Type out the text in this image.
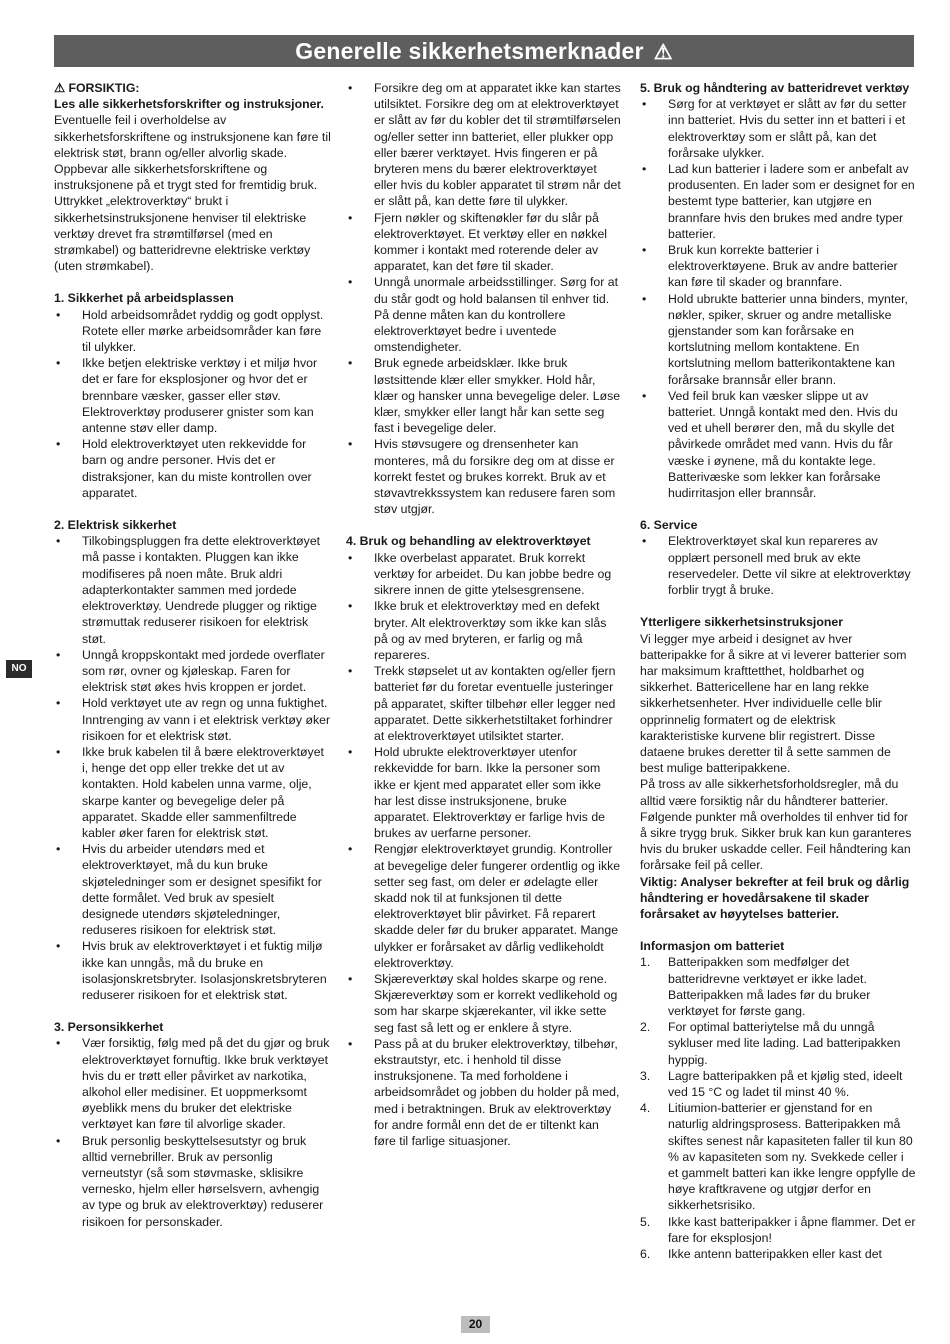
Generelle sikkerhetsmerknader ⚠
NO

⚠ FORSIKTIG:

Les alle sikkerhetsforskrifter og instruksjoner.

Eventuelle feil i overholdelse av sikkerhetsforskriftene og instruksjonene kan føre til elektrisk støt, brann og/eller alvorlig skade. Oppbevar alle sikkerhetsforskriftene og instruksjonene på et trygt sted for fremtidig bruk. Uttrykket „elektroverktøy“ brukt i sikkerhetsinstruksjonene henviser til elektriske verktøy drevet fra strømtilførsel (med en strømkabel) og batteridrevne elektriske verktøy (uten strømkabel).

1. Sikkerhet på arbeidsplassen

• Hold arbeidsområdet ryddig og godt opplyst. Rotete eller mørke arbeidsområder kan føre til ulykker.
• Ikke betjen elektriske verktøy i et miljø hvor det er fare for eksplosjoner og hvor det er brennbare væsker, gasser eller støv. Elektroverktøy produserer gnister som kan antenne støv eller damp.
• Hold elektroverktøyet uten rekkevidde for barn og andre personer. Hvis det er distraksjoner, kan du miste kontrollen over apparatet.

2. Elektrisk sikkerhet

• Tilkobingspluggen fra dette elektroverktøyet må passe i kontakten. Pluggen kan ikke modifiseres på noen måte. Bruk aldri adapterkontakter sammen med jordede elektroverktøy. Uendrede plugger og riktige strømuttak reduserer risikoen for elektrisk støt.
• Unngå kroppskontakt med jordede overflater som rør, ovner og kjøleskap. Faren for elektrisk støt økes hvis kroppen er jordet.
• Hold verktøyet ute av regn og unna fuktighet. Inntrenging av vann i et elektrisk verktøy øker risikoen for et elektrisk støt.
• Ikke bruk kabelen til å bære elektroverktøyet i, henge det opp eller trekke det ut av kontakten. Hold kabelen unna varme, olje, skarpe kanter og bevegelige deler på apparatet. Skadde eller sammenfiltrede kabler øker faren for elektrisk støt.
• Hvis du arbeider utendørs med et elektroverktøyet, må du kun bruke skjøteledninger som er designet spesifikt for dette formålet. Ved bruk av spesielt designede utendørs skjøteledninger, reduseres risikoen for elektrisk støt.
• Hvis bruk av elektroverktøyet i et fuktig miljø ikke kan unngås, må du bruke en isolasjonskretsbryter. Isolasjonskretsbryteren reduserer risikoen for et elektrisk støt.

3. Personsikkerhet

• Vær forsiktig, følg med på det du gjør og bruk elektroverktøyet fornuftig. Ikke bruk verktøyet hvis du er trøtt eller påvirket av narkotika, alkohol eller medisiner. Et uoppmerksomt øyeblikk mens du bruker det elektriske verktøyet kan føre til alvorlige skader.
• Bruk personlig beskyttelsesutstyr og bruk alltid vernebriller. Bruk av personlig verneutstyr (så som støvmaske, sklisikre vernesko, hjelm eller hørselsvern, avhengig av type og bruk av elektroverktøy) reduserer risikoen for personskader.
• Forsikre deg om at apparatet ikke kan startes utilsiktet. Forsikre deg om at elektroverktøyet er slått av før du kobler det til strømtilførselen og/eller setter inn batteriet, eller plukker opp eller bærer verktøyet. Hvis fingeren er på bryteren mens du bærer elektroverktøyet eller hvis du kobler apparatet til strøm når det er slått på, kan dette føre til ulykker.
• Fjern nøkler og skiftenøkler før du slår på elektroverktøyet. Et verktøy eller en nøkkel kommer i kontakt med roterende deler av apparatet, kan det føre til skader.
• Unngå unormale arbeidsstillinger. Sørg for at du står godt og hold balansen til enhver tid. På denne måten kan du kontrollere elektroverktøyet bedre i uventede omstendigheter.
• Bruk egnede arbeidsklær. Ikke bruk løstsittende klær eller smykker. Hold hår, klær og hansker unna bevegelige deler. Løse klær, smykker eller langt hår kan sette seg fast i bevegelige deler.
• Hvis støvsugere og drensenheter kan monteres, må du forsikre deg om at disse er korrekt festet og brukes korrekt. Bruk av et støvavtrekkssystem kan redusere faren som støv utgjør.

4. Bruk og behandling av elektroverktøyet

• Ikke overbelast apparatet. Bruk korrekt verktøy for arbeidet. Du kan jobbe bedre og sikrere innen de gitte ytelsesgrensene.
• Ikke bruk et elektroverktøy med en defekt bryter. Alt elektroverktøy som ikke kan slås på og av med bryteren, er farlig og må repareres.
• Trekk støpselet ut av kontakten og/eller fjern batteriet før du foretar eventuelle justeringer på apparatet, skifter tilbehør eller legger ned apparatet. Dette sikkerhetstiltaket forhindrer at elektroverktøyet utilsiktet starter.
• Hold ubrukte elektroverktøyer utenfor rekkevidde for barn. Ikke la personer som ikke er kjent med apparatet eller som ikke har lest disse instruksjonene, bruke apparatet. Elektroverktøy er farlige hvis de brukes av uerfarne personer.
• Rengjør elektroverktøyet grundig. Kontroller at bevegelige deler fungerer ordentlig og ikke setter seg fast, om deler er ødelagte eller skadd nok til at funksjonen til dette elektroverktøyet blir påvirket. Få reparert skadde deler før du bruker apparatet. Mange ulykker er forårsaket av dårlig vedlikeholdt elektroverktøy.
• Skjæreverktøy skal holdes skarpe og rene. Skjæreverktøy som er korrekt vedlikehold og som har skarpe skjærekanter, vil ikke sette seg fast så lett og er enklere å styre.
• Pass på at du bruker elektroverktøy, tilbehør, ekstrautstyr, etc. i henhold til disse instruksjonene. Ta med forholdene i arbeidsområdet og jobben du holder på med, med i betraktningen. Bruk av elektroverktøy for andre formål enn det de er tiltenkt kan føre til farlige situasjoner.

5. Bruk og håndtering av batteridrevet verktøy

• Sørg for at verktøyet er slått av før du setter inn batteriet. Hvis du setter inn et batteri i et elektroverktøy som er slått på, kan det forårsake ulykker.
• Lad kun batterier i ladere som er anbefalt av produsenten. En lader som er designet for en bestemt type batterier, kan utgjøre en brannfare hvis den brukes med andre typer batterier.
• Bruk kun korrekte batterier i elektroverktøyene. Bruk av andre batterier kan føre til skader og brannfare.
• Hold ubrukte batterier unna binders, mynter, nøkler, spiker, skruer og andre metalliske gjenstander som kan forårsake en kortslutning mellom kontaktene. En kortslutning mellom batterikontaktene kan forårsake brannsår eller brann.
• Ved feil bruk kan væsker slippe ut av batteriet. Unngå kontakt med den. Hvis du ved et uhell berører den, må du skylle det påvirkede området med vann. Hvis du får væske i øynene, må du kontakte lege. Batterivæske som lekker kan forårsake hudirritasjon eller brannsår.

6. Service

• Elektroverktøyet skal kun repareres av opplært personell med bruk av ekte reservedeler. Dette vil sikre at elektroverktøy forblir trygt å bruke.

Ytterligere sikkerhetsinstruksjoner

Vi legger mye arbeid i designet av hver batteripakke for å sikre at vi leverer batterier som har maksimum krafttetthet, holdbarhet og sikkerhet. Battericellene har en lang rekke sikkerhetsenheter. Hver individuelle celle blir opprinnelig formatert og de elektrisk karakteristiske kurvene blir registrert. Disse dataene brukes deretter til å sette sammen de best mulige batteripakkene.

På tross av alle sikkerhetsforholdsregler, må du alltid være forsiktig når du håndterer batterier. Følgende punkter må overholdes til enhver tid for å sikre trygg bruk. Sikker bruk kan kun garanteres hvis du bruker uskadde celler. Feil håndtering kan forårsake feil på celler.

Viktig: Analyser bekrefter at feil bruk og dårlig håndtering er hovedårsakene til skader forårsaket av høyytelses batterier.

Informasjon om batteriet

1. Batteripakken som medfølger det batteridrevne verktøyet er ikke ladet. Batteripakken må lades før du bruker verktøyet for første gang.
2. For optimal batteriytelse må du unngå sykluser med lite lading. Lad batteripakken hyppig.
3. Lagre batteripakken på et kjølig sted, ideelt ved 15 °C og ladet til minst 40 %.
4. Litiumion-batterier er gjenstand for en naturlig aldringsprosess. Batteripakken må skiftes senest når kapasiteten faller til kun 80 % av kapasiteten som ny. Svekkede celler i et gammelt batteri kan ikke lengre oppfylle de høye kraftkravene og utgjør derfor en sikkerhetsrisiko.
5. Ikke kast batteripakker i åpne flammer. Det er fare for eksplosjon!
6. Ikke antenn batteripakken eller kast det
20
